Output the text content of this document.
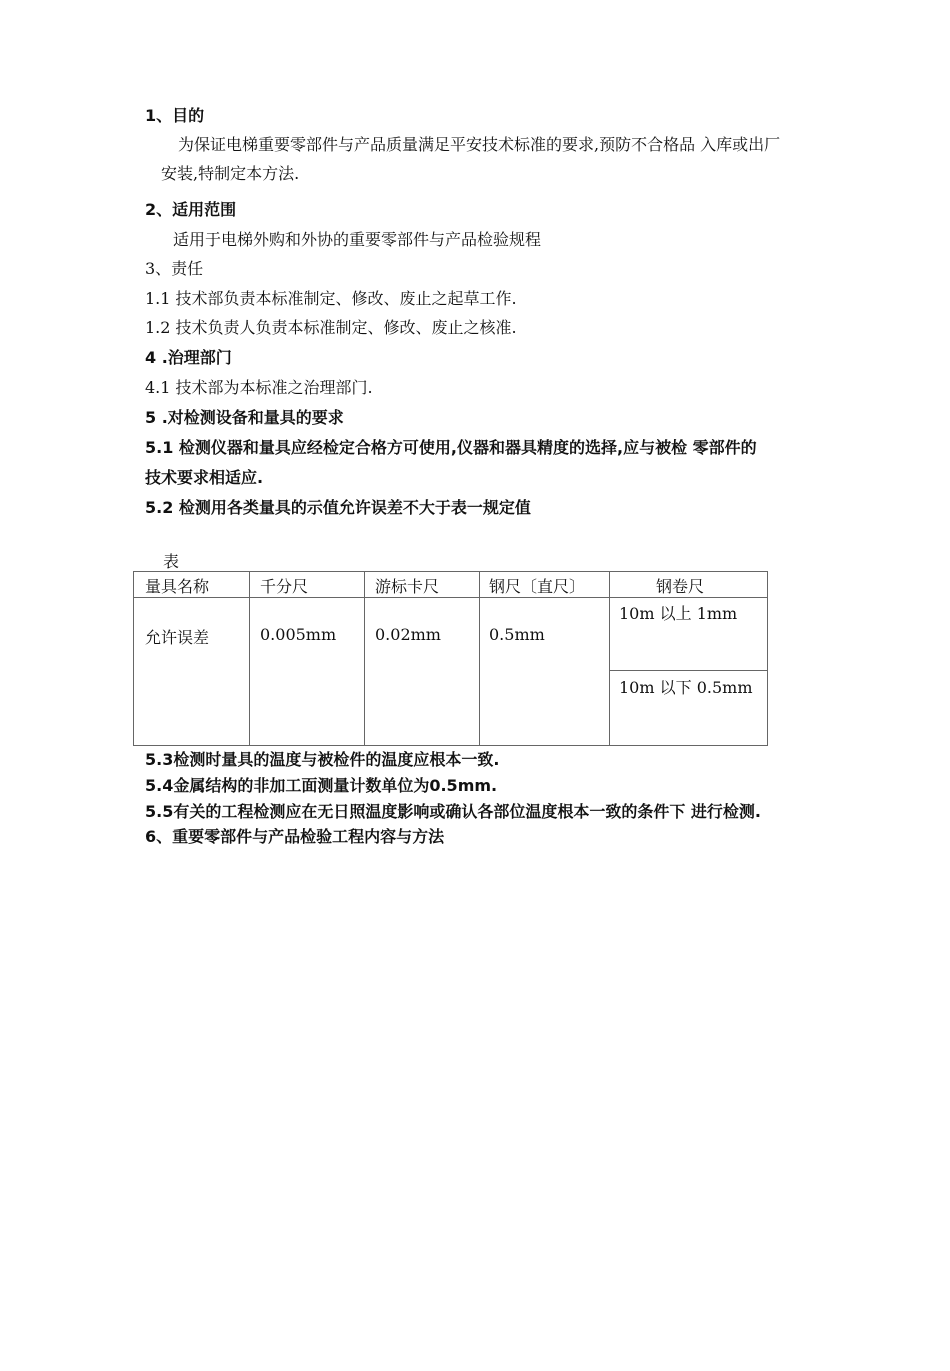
1、目的
为保证电梯重要零部件与产品质量满足平安技术标准的要求,预防不合格品 入库或出厂
安装,特制定本方法.
2、适用范围
适用于电梯外购和外协的重要零部件与产品检验规程
3、责任
1.1 技术部负责本标准制定、修改、废止之起草工作.
1.2 技术负责人负责本标准制定、修改、废止之核准.
4 .治理部门
4.1 技术部为本标准之治理部门.
5 .对检测设备和量具的要求
5.1 检测仪器和量具应经检定合格方可使用,仪器和器具精度的选择,应与被检 零部件的
技术要求相适应.
5.2 检测用各类量具的示值允许误差不大于表一规定值
表
量具名称	千分尺	游标卡尺	钢尺〔直尺〕	钢卷尺

允许误差	0.005mm	0.02mm	0.5mm	10m 以上 1mm

				10m 以下 0.5mm
5.3检测时量具的温度与被检件的温度应根本一致.
5.4金属结构的非加工面测量计数单位为0.5mm.
5.5有关的工程检测应在无日照温度影响或确认各部位温度根本一致的条件下 进行检测.
6、重要零部件与产品检验工程内容与方法
